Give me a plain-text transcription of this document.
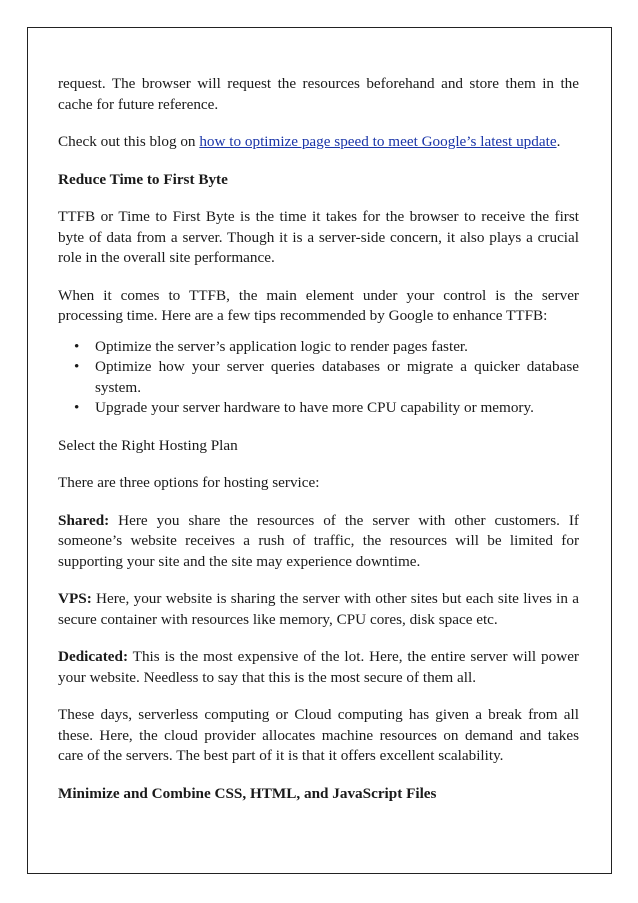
request. The browser will request the resources beforehand and store them in the cache for future reference.

Check out this blog on how to optimize page speed to meet Google’s latest update.

Reduce Time to First Byte

TTFB or Time to First Byte is the time it takes for the browser to receive the first byte of data from a server. Though it is a server-side concern, it also plays a crucial role in the overall site performance.

When it comes to TTFB, the main element under your control is the server processing time. Here are a few tips recommended by Google to enhance TTFB:

• Optimize the server’s application logic to render pages faster.
• Optimize how your server queries databases or migrate a quicker database system.
• Upgrade your server hardware to have more CPU capability or memory.

Select the Right Hosting Plan

There are three options for hosting service:

Shared: Here you share the resources of the server with other customers. If someone’s website receives a rush of traffic, the resources will be limited for supporting your site and the site may experience downtime.

VPS: Here, your website is sharing the server with other sites but each site lives in a secure container with resources like memory, CPU cores, disk space etc.

Dedicated: This is the most expensive of the lot. Here, the entire server will power your website. Needless to say that this is the most secure of them all.

These days, serverless computing or Cloud computing has given a break from all these. Here, the cloud provider allocates machine resources on demand and takes care of the servers. The best part of it is that it offers excellent scalability.

Minimize and Combine CSS, HTML, and JavaScript Files
